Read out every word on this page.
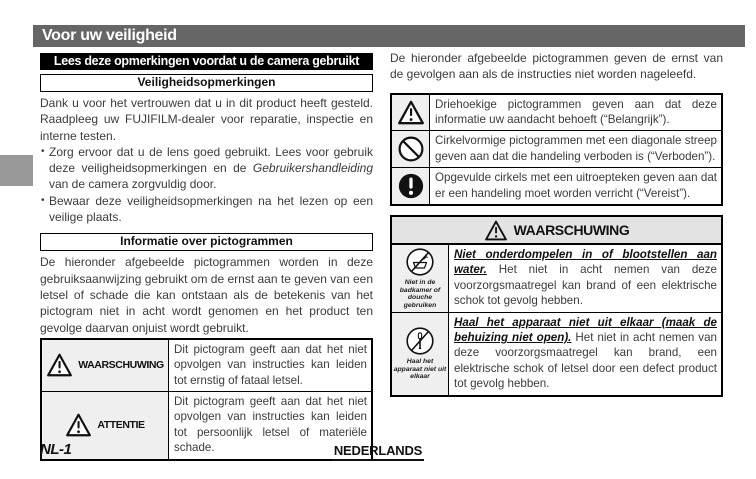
Voor uw veiligheid
Lees deze opmerkingen voordat u de camera gebruikt
Veiligheidsopmerkingen

Dank u voor het vertrouwen dat u in dit product heeft gesteld. Raadpleeg uw FUJIFILM-dealer voor reparatie, inspectie en interne testen.

• Zorg ervoor dat u de lens goed gebruikt. Lees voor gebruik deze veiligheidsopmerkingen en de Gebruikershandleiding van de camera zorgvuldig door.
• Bewaar deze veiligheidsopmerkingen na het lezen op een veilige plaats.
Informatie over pictogrammen

De hieronder afgebeelde pictogrammen worden in deze gebruiksaanwijzing gebruikt om de ernst aan te geven van een letsel of schade die kan ontstaan als de betekenis van het pictogram niet in acht wordt genomen en het product ten gevolge daarvan onjuist wordt gebruikt.

WAARSCHUWING
Dit pictogram geeft aan dat het niet opvolgen van instructies kan leiden tot ernstig of fataal letsel.
ATTENTIE
Dit pictogram geeft aan dat het niet opvolgen van instructies kan leiden tot persoonlijk letsel of materiële schade.

De hieronder afgebeelde pictogrammen geven de ernst van de gevolgen aan als de instructies niet worden nageleefd.

Driehoekige pictogrammen geven aan dat deze informatie uw aandacht behoeft (“Belangrijk”).
Cirkelvormige pictogrammen met een diagonale streep geven aan dat die handeling verboden is (“Verboden”).
Opgevulde cirkels met een uitroepteken geven aan dat er een handeling moet worden verricht (“Vereist”).
WAARSCHUWING
Niet in de badkamer of douche gebruiken
Niet onderdompelen in of blootstellen aan water. Het niet in acht nemen van deze voorzorgsmaatregel kan brand of een elektrische schok tot gevolg hebben.
Haal het apparaat niet uit elkaar
Haal het apparaat niet uit elkaar (maak de behuizing niet open). Het niet in acht nemen van deze voorzorgsmaatregel kan brand, een elektrische schok of letsel door een defect product tot gevolg hebben.
NL-1	NEDERLANDS
